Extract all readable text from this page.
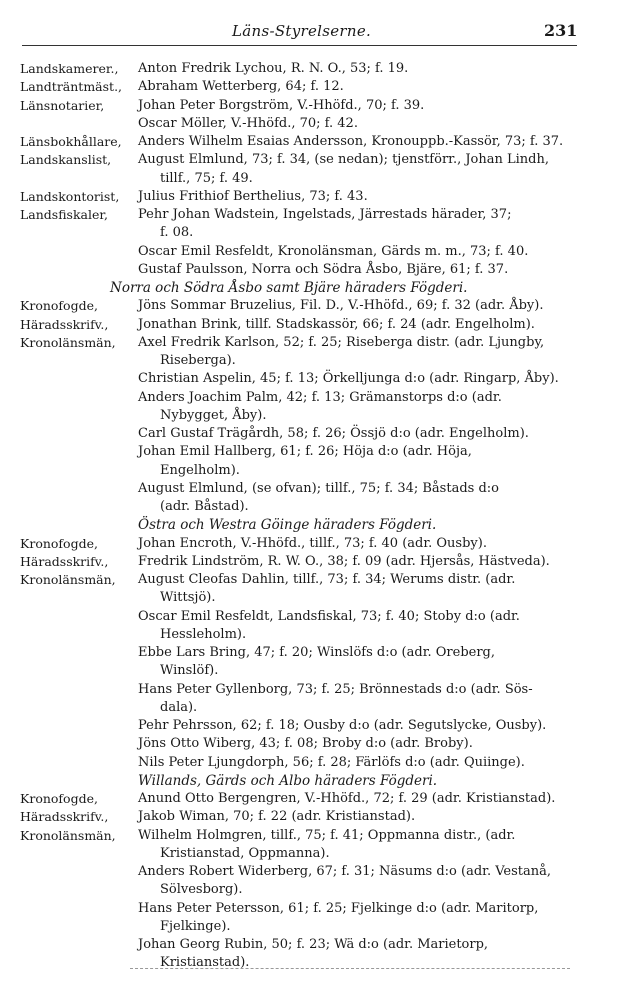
Läns-Styrelserne.	231
Landskamerer., Anton Fredrik Lychou, R. N. O., 53; f. 19.
Landträntmäst., Abraham Wetterberg, 64; f. 12.
Länsnotarier,	Johan Peter Borgström, V.-Hhöfd., 70; f. 39.
Oscar Möller, V.-Hhöfd., 70; f. 42.
Länsbokhållare, Anders Wilhelm Esaias Andersson, Kronouppb.-Kassör, 73; f. 37.
Landskanslist, August Elmlund, 73; f. 34, (se nedan); tjenstförr., Johan Lindh,
tillf., 75; f. 49.
Landskontorist, Julius Frithiof Berthelius, 73; f. 43.
Landsfiskaler, Pehr Johan Wadstein, Ingelstads, Järrestads härader, 37;
f. 08.
Oscar Emil Resfeldt, Kronolänsman, Gärds m. m., 73; f. 40.
Gustaf Paulsson, Norra och Södra Åsbo, Bjäre, 61; f. 37.
Norra och Södra Åsbo samt Bjäre häraders Fögderi.
Kronofogde,	Jöns Sommar Bruzelius, Fil. D., V.-Hhöfd., 69; f. 32 (adr. Åby).
Häradsskrifv., Jonathan Brink, tillf. Stadskassör, 66; f. 24 (adr. Engelholm).
Kronolänsmän, Axel Fredrik Karlson, 52; f. 25; Riseberga distr. (adr. Ljungby,
Riseberga).
Christian Aspelin, 45; f. 13; Örkelljunga d:o (adr. Ringarp, Åby).
Anders Joachim Palm, 42; f. 13; Grämanstorps d:o (adr.
Nybygget, Åby).
Carl Gustaf Trägårdh, 58; f. 26; Össjö d:o (adr. Engelholm).
Johan Emil Hallberg, 61; f. 26; Höja d:o (adr. Höja,
Engelholm).
August Elmlund, (se ofvan); tillf., 75; f. 34; Båstads d:o
(adr. Båstad).
Östra och Westra Göinge häraders Fögderi.
Kronofogde,	Johan Encroth, V.-Hhöfd., tillf., 73; f. 40 (adr. Ousby).
Häradsskrifv., Fredrik Lindström, R. W. O., 38; f. 09 (adr. Hjersås, Hästveda).
Kronolänsmän, August Cleofas Dahlin, tillf., 73; f. 34; Werums distr. (adr.
Wittsjö).
Oscar Emil Resfeldt, Landsfiskal, 73; f. 40; Stoby d:o (adr.
Hessleholm).
Ebbe Lars Bring, 47; f. 20; Winslöfs d:o (adr. Oreberg,
Winslöf).
Hans Peter Gyllenborg, 73; f. 25; Brönnestads d:o (adr. Sös-
dala).
Pehr Pehrsson, 62; f. 18; Ousby d:o (adr. Segutslycke, Ousby).
Jöns Otto Wiberg, 43; f. 08; Broby d:o (adr. Broby).
Nils Peter Ljungdorph, 56; f. 28; Färlöfs d:o (adr. Quiinge).
Willands, Gärds och Albo häraders Fögderi.
Kronofogde,	Anund Otto Bergengren, V.-Hhöfd., 72; f. 29 (adr. Kristianstad).
Häradsskrifv., Jakob Wiman, 70; f. 22 (adr. Kristianstad).
Kronolänsmän, Wilhelm Holmgren, tillf., 75; f. 41; Oppmanna distr., (adr.
Kristianstad, Oppmanna).
Anders Robert Widerberg, 67; f. 31; Näsums d:o (adr. Vestanå,
Sölvesborg).
Hans Peter Petersson, 61; f. 25; Fjelkinge d:o (adr. Maritorp,
Fjelkinge).
Johan Georg Rubin, 50; f. 23; Wä d:o (adr. Marietorp,
Kristianstad).
